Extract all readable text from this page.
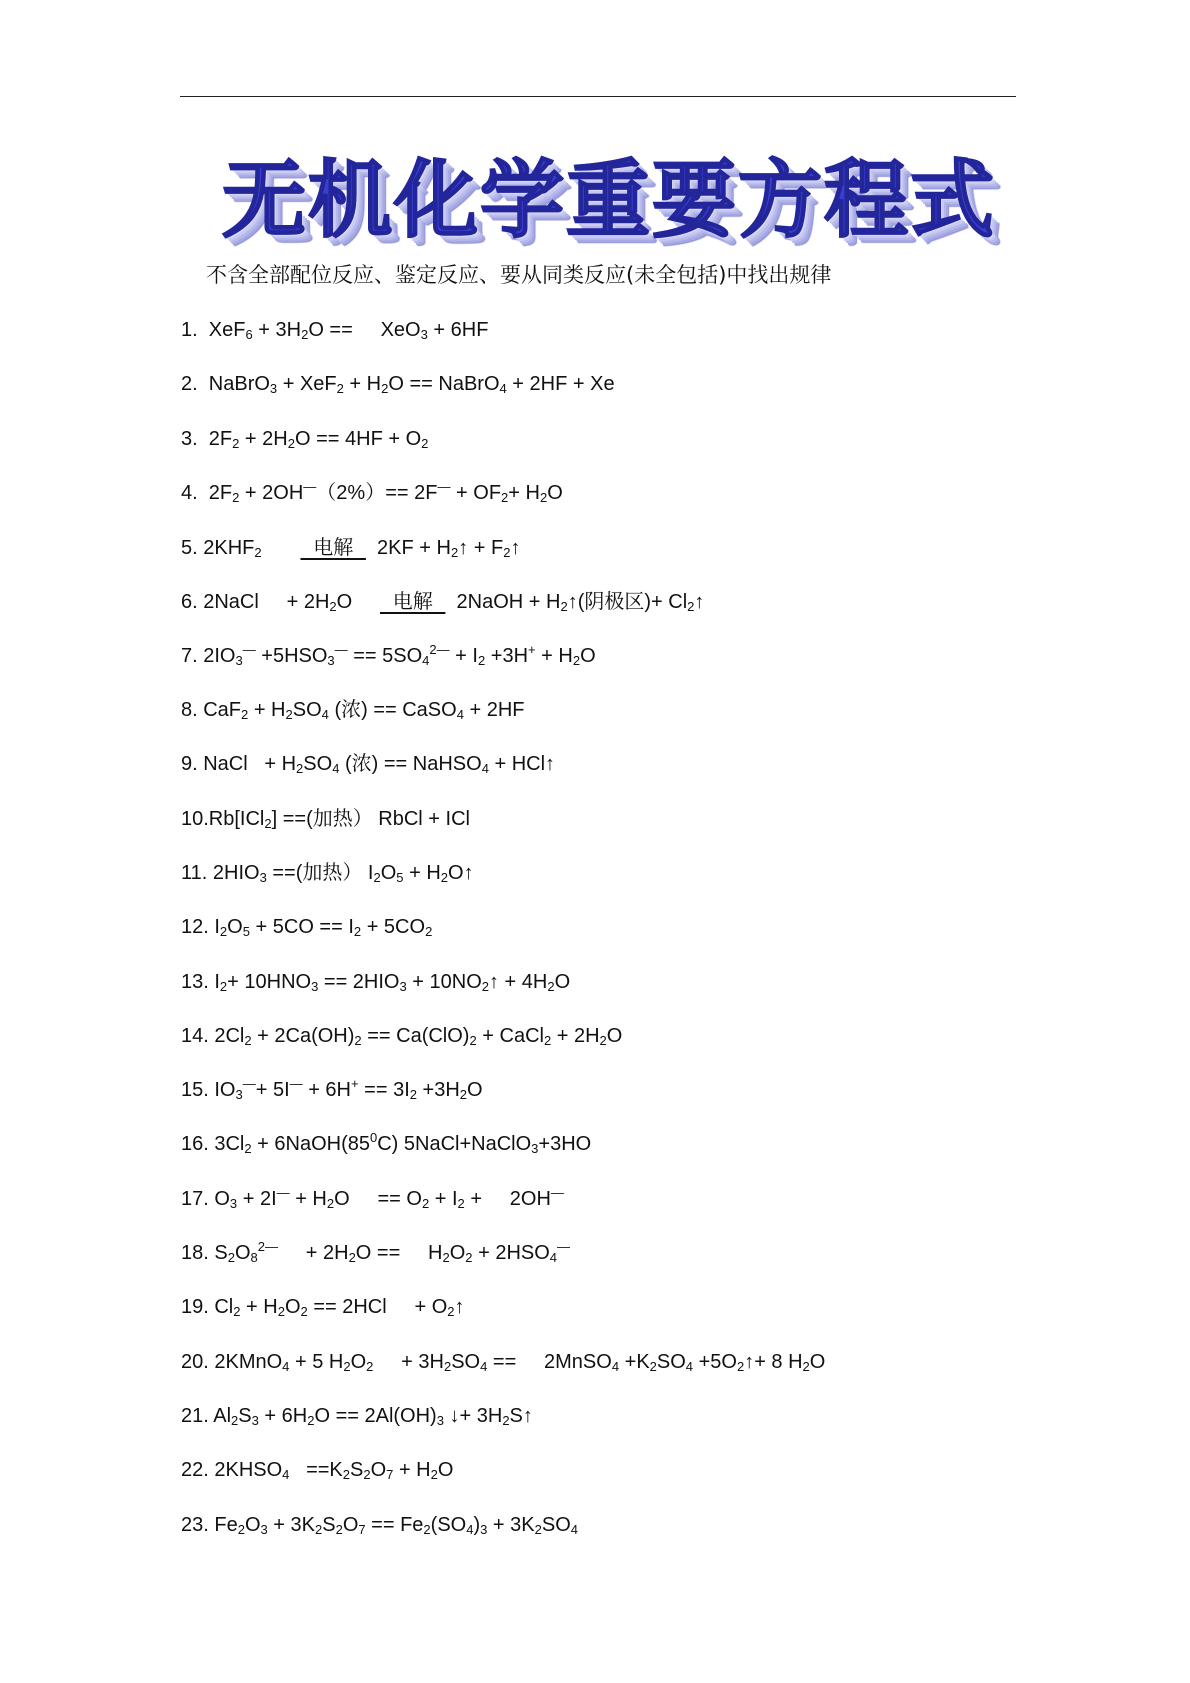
无机化学重要方程式
不含全部配位反应、鉴定反应、要从同类反应(未全包括)中找出规律
1.  $XeF_6 + 3H_2O$ ==     XeO$_3$ + 6HF
2.  NaBrO$_3$ + $XeF_2 + H_2O$ == NaBrO$_4$ + 2HF + Xe
3.  $2F_2 + 2H_2O == 4HF + O_2$
4.  $2F_2 + 2OH^—(2\%)== 2F^— + OF_2+ H_2O$
5. $2KHF_2$         电解    $2KF + H_2↑$ + $F_2↑$
6. 2NaCl     + $2H_2O$       电解    2NaOH + $H_2↑$(阴极区)+ $Cl_2↑$
7. $2IO_3^— +5HSO_3^— == 5SO_4^{2—} + I_2 +3H^+ + H_2O$
8. $CaF_2 + H_2SO_4$ (浓) == CaSO$_4$ + 2HF
9. NaCl   + $H_2SO_4$ (浓) == NaHSO$_4$ + HCl↑
10.Rb[ICl$_2$] ==(加热） RbCl + ICl
11. $2HIO_3$ ==(加热） $I_2O_5$ + $H_2O↑$
12. $I_2O_5 + 5CO == I_2 + 5CO_2$
13. $I_2+ 10HNO_3 == 2HIO_3$ + $10NO_2↑ + 4H_2O$
14. $2Cl_2 + 2Ca(OH)_2 == Ca(ClO)_2$ + CaCl$_2$ + $2H_2O$
15. $IO_3^—+ 5I^— + 6H^+ == 3I_2 +3H_2O$
16. $3Cl_2$ + $6NaOH(85^0C)$ 5NaCl+NaClO$_3$+3HO
17. $O_3 + 2I^— + H_2O$     == $O_2 + I_2$ +     2OH—
18. $S_2O_8^{2—}$     + $2H_2O$ ==     $H_2O_2 + 2HSO_4^—$
19. $Cl_2 + H_2O_2 == 2HCl$     + $O_2↑$
20. 2KMnO$_4$ + 5 $H_2O_2$     + $3H_2SO_4$ ==     2MnSO$_4$ $+K_2SO_4$ $+5O_2↑+ 8$ $H_2O$
21. $Al_2S_3 + 6H_2O == 2Al(OH)_3$ ↓+ $3H_2S↑$
22. $2KHSO_4 ==K_2S_2O_7 + H_2O$
23. $Fe_2O_3 + 3K_2S_2O_7 == Fe_2(SO_4)_3 + 3K_2SO_4$
